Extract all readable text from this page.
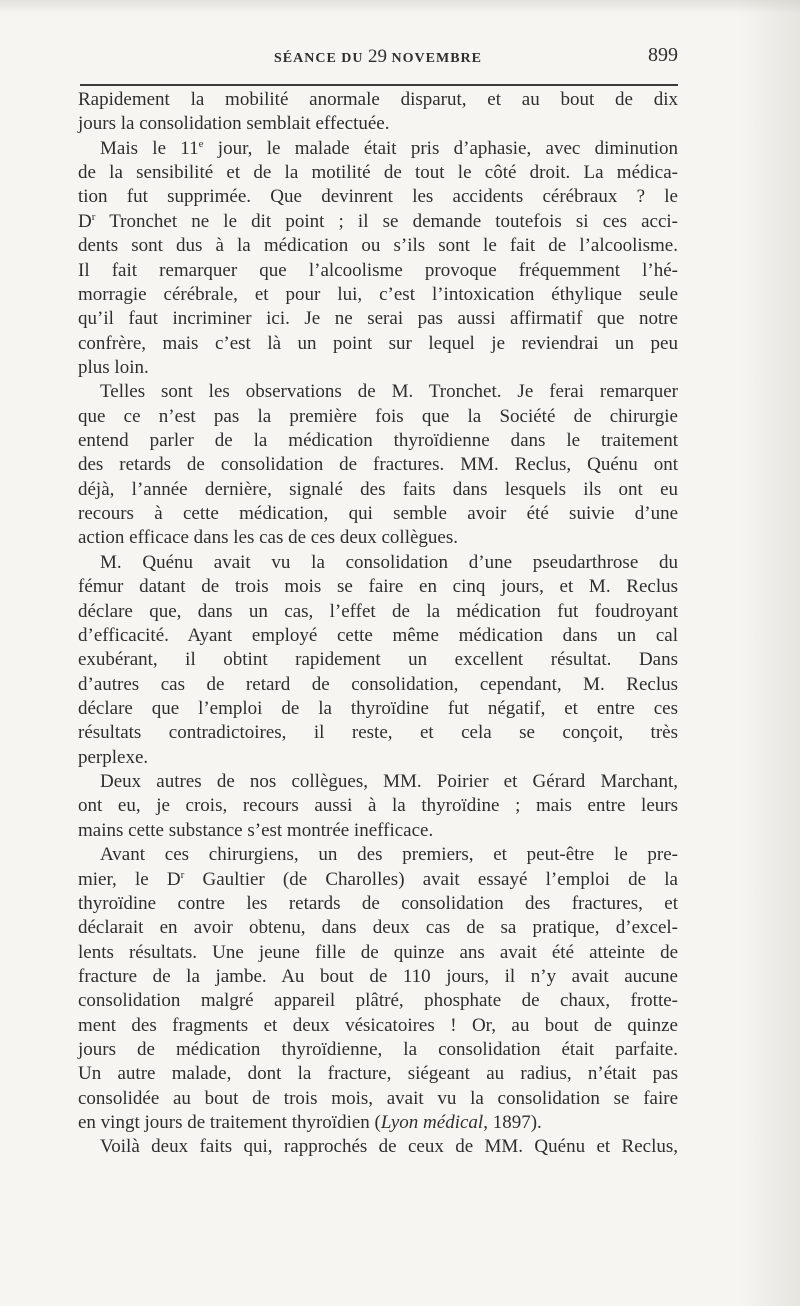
SÉANCE DU 29 NOVEMBRE	899
Rapidement la mobilité anormale disparut, et au bout de dix
jours la consolidation semblait effectuée.
Mais le 11e jour, le malade était pris d’aphasie, avec diminution
de la sensibilité et de la motilité de tout le côté droit. La médica-
tion fut supprimée. Que devinrent les accidents cérébraux ? le
$D^r$ Tronchet ne le dit point ; il se demande toutefois si ces acci-
dents sont dus à la médication ou s’ils sont le fait de l’alcoolisme.
Il fait remarquer que l’alcoolisme provoque fréquemment l’hé-
morragie cérébrale, et pour lui, c’est l’intoxication éthylique seule
qu’il faut incriminer ici. Je ne serai pas aussi affirmatif que notre
confrère, mais c’est là un point sur lequel je reviendrai un peu
plus loin.
Telles sont les observations de M. Tronchet. Je ferai remarquer
que ce n’est pas la première fois que la Société de chirurgie
entend parler de la médication thyroïdienne dans le traitement
des retards de consolidation de fractures. MM. Reclus, Quénu ont
déjà, l’année dernière, signalé des faits dans lesquels ils ont eu
recours à cette médication, qui semble avoir été suivie d’une
action efficace dans les cas de ces deux collègues.
M. Quénu avait vu la consolidation d’une pseudarthrose du
fémur datant de trois mois se faire en cinq jours, et M. Reclus
déclare que, dans un cas, l’effet de la médication fut foudroyant
d’efficacité. Ayant employé cette même médication dans un cal
exubérant, il obtint rapidement un excellent résultat. Dans
d’autres cas de retard de consolidation, cependant, M. Reclus
déclare que l’emploi de la thyroïdine fut négatif, et entre ces
résultats contradictoires, il reste, et cela se conçoit, très
perplexe.
Deux autres de nos collègues, MM. Poirier et Gérard Marchant,
ont eu, je crois, recours aussi à la thyroïdine ; mais entre leurs
mains cette substance s’est montrée inefficace.
Avant ces chirurgiens, un des premiers, et peut-être le pre-
mier, le $D^r$ Gaultier (de Charolles) avait essayé l’emploi de la
thyroïdine contre les retards de consolidation des fractures, et
déclarait en avoir obtenu, dans deux cas de sa pratique, d’excel-
lents résultats. Une jeune fille de quinze ans avait été atteinte de
fracture de la jambe. Au bout de 110 jours, il n’y avait aucune
consolidation malgré appareil plâtré, phosphate de chaux, frotte-
ment des fragments et deux vésicatoires ! Or, au bout de quinze
jours de médication thyroïdienne, la consolidation était parfaite.
Un autre malade, dont la fracture, siégeant au radius, n’était pas
consolidée au bout de trois mois, avait vu la consolidation se faire
en vingt jours de traitement thyroïdien (Lyon médical, 1897).
Voilà deux faits qui, rapprochés de ceux de MM. Quénu et Reclus,
